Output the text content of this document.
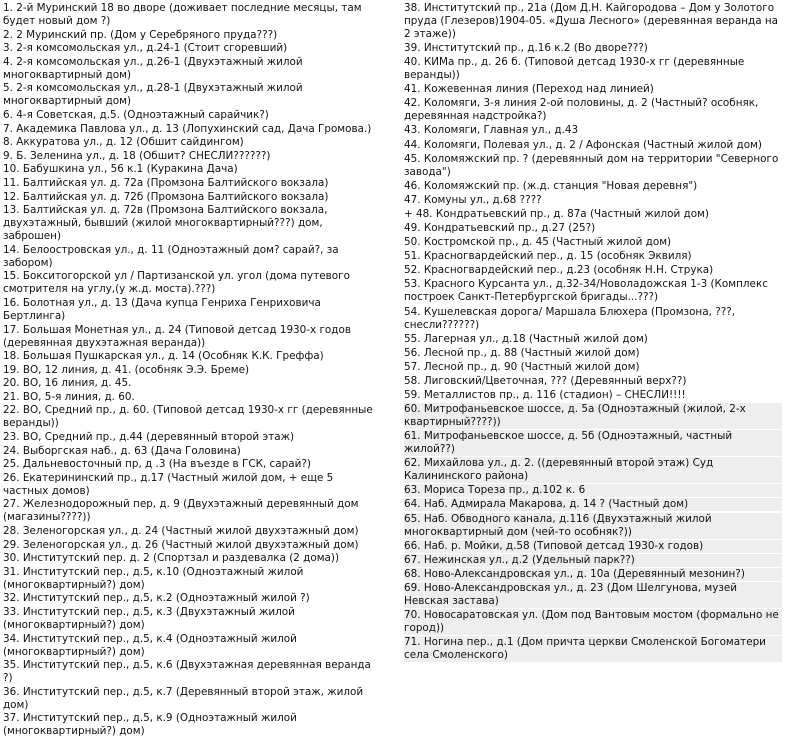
1. 2-й Муринский 18 во дворе (доживает последние месяцы, там будет новый дом ?)
2. 2 Муринский пр. (Дом у Серебряного пруда???)
3. 2-я комсомольская ул., д.24-1 (Стоит сгоревший)
4. 2-я комсомольская ул., д.26-1 (Двухэтажный жилой многоквартирный дом)
5. 2-я комсомольская ул., д.28-1 (Двухэтажный жилой многоквартирный дом)
6. 4-я Советская, д.5. (Одноэтажный сарайчик?)
7. Академика Павлова ул., д. 13 (Лопухинский сад, Дача Громова.)
8. Аккуратова ул., д. 12 (Обшит сайдингом)
9. Б. Зеленина ул., д. 18 (Обшит? СНЕСЛИ??????)
10. Бабушкина ул., 56 к.1 (Куракина Дача)
11. Балтийская ул. д. 72а (Промзона Балтийского вокзала)
12. Балтийская ул. д. 72б (Промзона Балтийского вокзала)
13. Балтийская ул. д. 72в (Промзона Балтийского вокзала, двухэтажный, бывший (жилой многоквартирный???) дом, заброшен)
14. Белоостровская ул., д. 11 (Одноэтажный дом? сарай?, за забором)
15. Бокситогорской ул / Партизанской ул. угол (дома путевого смотрителя на углу,(у ж.д. моста).???)
16. Болотная ул., д. 13 (Дача купца Генриха Генриховича Бертлинга)
17. Большая Монетная ул., д. 24 (Типовой детсад 1930-х годов (деревянная двухэтажная веранда))
18. Большая Пушкарская ул., д. 14 (Особняк К.К. Греффа)
19. ВО, 12 линия, д. 41. (особняк Э.Э. Бреме)
20. ВО, 16 линия, д. 45.
21. ВО, 5-я линия, д. 60.
22. ВО, Средний пр., д. 60. (Типовой детсад 1930-х гг (деревянные веранды))
23. ВО, Средний пр., д.44 (деревянный второй этаж)
24. Выборгская наб., д. 63 (Дача Головина)
25. Дальневосточный пр, д .3 (На въезде в ГСК, сарай?)
26. Екатерининский пр., д.17 (Частный жилой дом, + еще 5 частных домов)
27. Железнодорожный пер, д. 9 (Двухэтажный деревянный дом (магазины????))
28. Зеленогорская ул., д. 24 (Частный жилой двухэтажный дом)
29. Зеленогорская ул., д. 26 (Частный жилой двухэтажный дом)
30. Институтский пер. д. 2 (Спортзал и раздевалка (2 дома))
31. Институтский пер., д.5, к.10 (Одноэтажный жилой (многоквартирный?) дом)
32. Институтский пер., д.5, к.2 (Одноэтажный жилой ?)
33. Институтский пер., д.5, к.3 (Двухэтажный жилой (многоквартирный?) дом)
34. Институтский пер., д.5, к.4 (Одноэтажный жилой (многоквартирный?) дом)
35. Институтский пер., д.5, к.6 (Двухэтажная деревянная веранда ?)
36. Институтский пер., д.5, к.7 (Деревянный второй этаж, жилой дом)
37. Институтский пер., д.5, к.9 (Одноэтажный жилой (многоквартирный?) дом)
38. Институтский пр., 21а (Дом Д.Н. Кайгородова – Дом у Золотого пруда (Глезеров)1904-05. «Душа Лесного» (деревянная веранда на 2 этаже))
39. Институтский пр., д.16 к.2 (Во дворе???)
40. КИМа пр., д. 26 б. (Типовой детсад 1930-х гг (деревянные веранды))
41. Кожевенная линия (Переход над линией)
42. Коломяги, 3-я линия 2-ой половины, д. 2 (Частный? особняк, деревянная надстройка?)
43. Коломяги, Главная ул., д.43
44. Коломяги, Полевая ул., д. 2 / Афонская (Частный жилой дом)
45. Коломяжский пр. ? (деревянный дом на территории "Северного завода")
46. Коломяжский пр. (ж.д. станция "Новая деревня")
47. Комуны ул., д.68 ????
+ 48. Кондратьевский пр., д. 87а (Частный жилой дом)
49. Кондратьевский пр., д.27 (25?)
50. Костромской пр., д. 45 (Частный жилой дом)
51. Красногвардейский пер., д. 15 (особняк Эквиля)
52. Красногвардейский пер., д.23 (особняк Н.Н. Струка)
53. Красного Курсанта ул., д.32-34/Новоладожская 1-3 (Комплекс построек Санкт-Петербургской бригады...???)
54. Кушелевская дорога/ Маршала Блюхера (Промзона, ???, снесли??????)
55. Лагерная ул., д.18 (Частный жилой дом)
56. Лесной пр., д. 88 (Частный жилой дом)
57. Лесной пр., д. 90 (Частный жилой дом)
58. Лиговский/Цветочная, ??? (Деревянный верх??)
59. Металлистов пр., д. 116 (стадион) – СНЕСЛИ!!!!
60. Митрофаньевское шоссе, д. 5а (Одноэтажный (жилой, 2-х квартирный????))
61. Митрофаньевское шоссе, д. 5б (Одноэтажный, частный жилой??)
62. Михайлова ул., д. 2. ((деревянный второй этаж) Суд Калининского района)
63. Мориса Тореза пр., д.102 к. 6
64. Наб. Адмирала Макарова, д. 14 ? (Частный дом)
65. Наб. Обводного канала, д.116 (Двухэтажный жилой многоквартирный дом (чей-то особняк?))
66. Наб. р. Мойки, д.58 (Типовой детсад 1930-х годов)
67. Нежинская ул., д.2 (Удельный парк??)
68. Ново-Александровская ул., д. 10а (Деревянный мезонин?)
69. Ново-Александровская ул., д. 23 (Дом Шелгунова, музей Невская застава)
70. Новосаратовская ул. (Дом под Вантовым мостом (формально не город))
71. Ногина пер., д.1 (Дом причта церкви Смоленской Богоматери села Смоленского)
